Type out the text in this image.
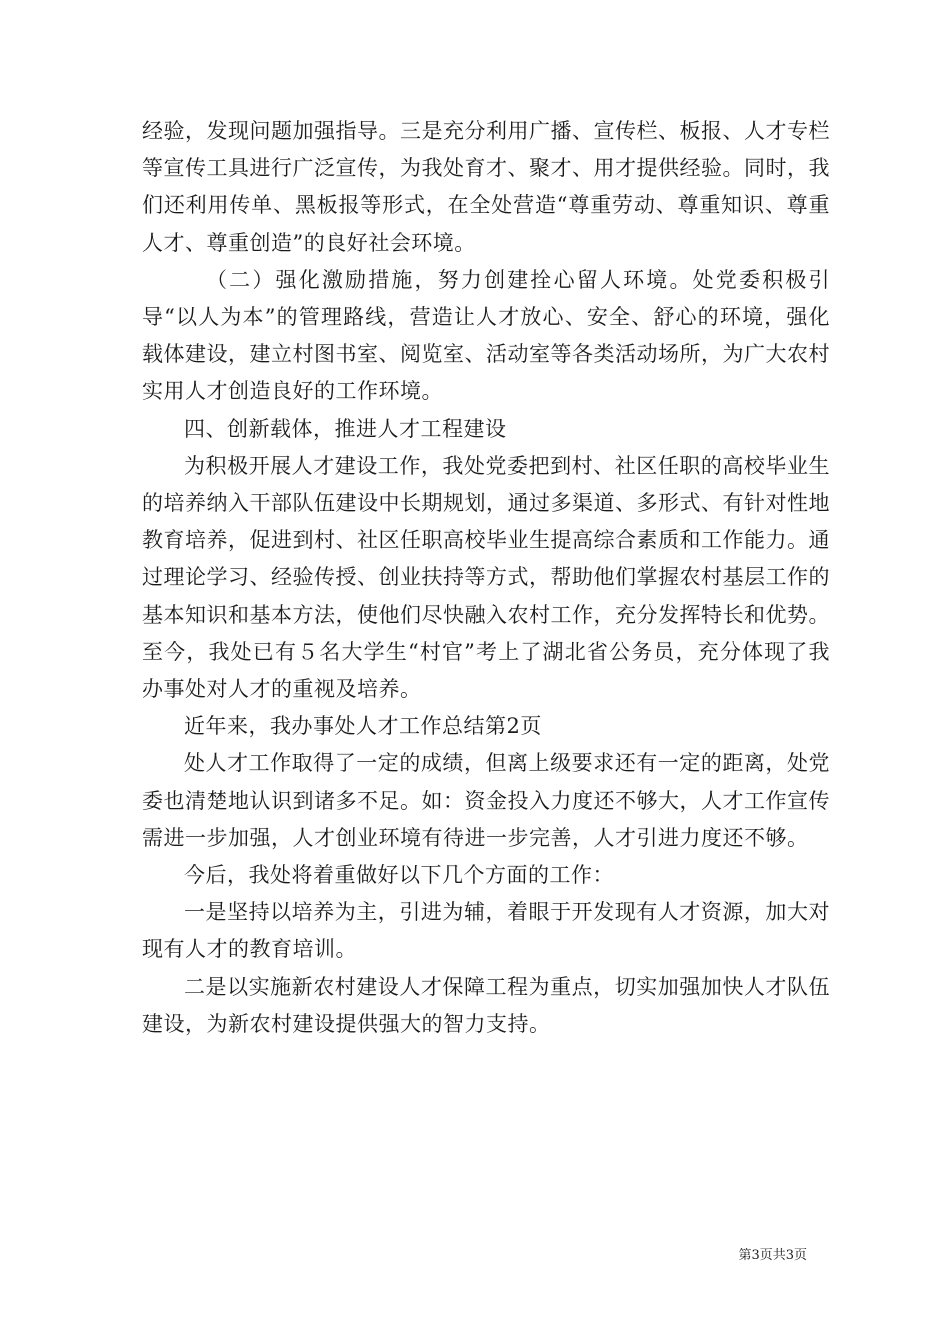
经验，发现问题加强指导。三是充分利用广播、宣传栏、板报、人才专栏等宣传工具进行广泛宣传，为我处育才、聚才、用才提供经验。同时，我们还利用传单、黑板报等形式，在全处营造“尊重劳动、尊重知识、尊重人才、尊重创造”的良好社会环境。

（二）强化激励措施，努力创建拴心留人环境。处党委积极引导“以人为本”的管理路线，营造让人才放心、安全、舒心的环境，强化载体建设，建立村图书室、阅览室、活动室等各类活动场所，为广大农村实用人才创造良好的工作环境。

四、创新载体，推进人才工程建设

为积极开展人才建设工作，我处党委把到村、社区任职的高校毕业生的培养纳入干部队伍建设中长期规划，通过多渠道、多形式、有针对性地教育培养，促进到村、社区任职高校毕业生提高综合素质和工作能力。通过理论学习、经验传授、创业扶持等方式，帮助他们掌握农村基层工作的基本知识和基本方法，使他们尽快融入农村工作，充分发挥特长和优势。至今，我处已有５名大学生“村官”考上了湖北省公务员，充分体现了我办事处对人才的重视及培养。

近年来，我办事处人才工作总结第2页

处人才工作取得了一定的成绩，但离上级要求还有一定的距离，处党委也清楚地认识到诸多不足。如：资金投入力度还不够大，人才工作宣传需进一步加强，人才创业环境有待进一步完善，人才引进力度还不够。

今后，我处将着重做好以下几个方面的工作：

一是坚持以培养为主，引进为辅，着眼于开发现有人才资源，加大对现有人才的教育培训。

二是以实施新农村建设人才保障工程为重点，切实加强加快人才队伍建设，为新农村建设提供强大的智力支持。

第3页共3页
